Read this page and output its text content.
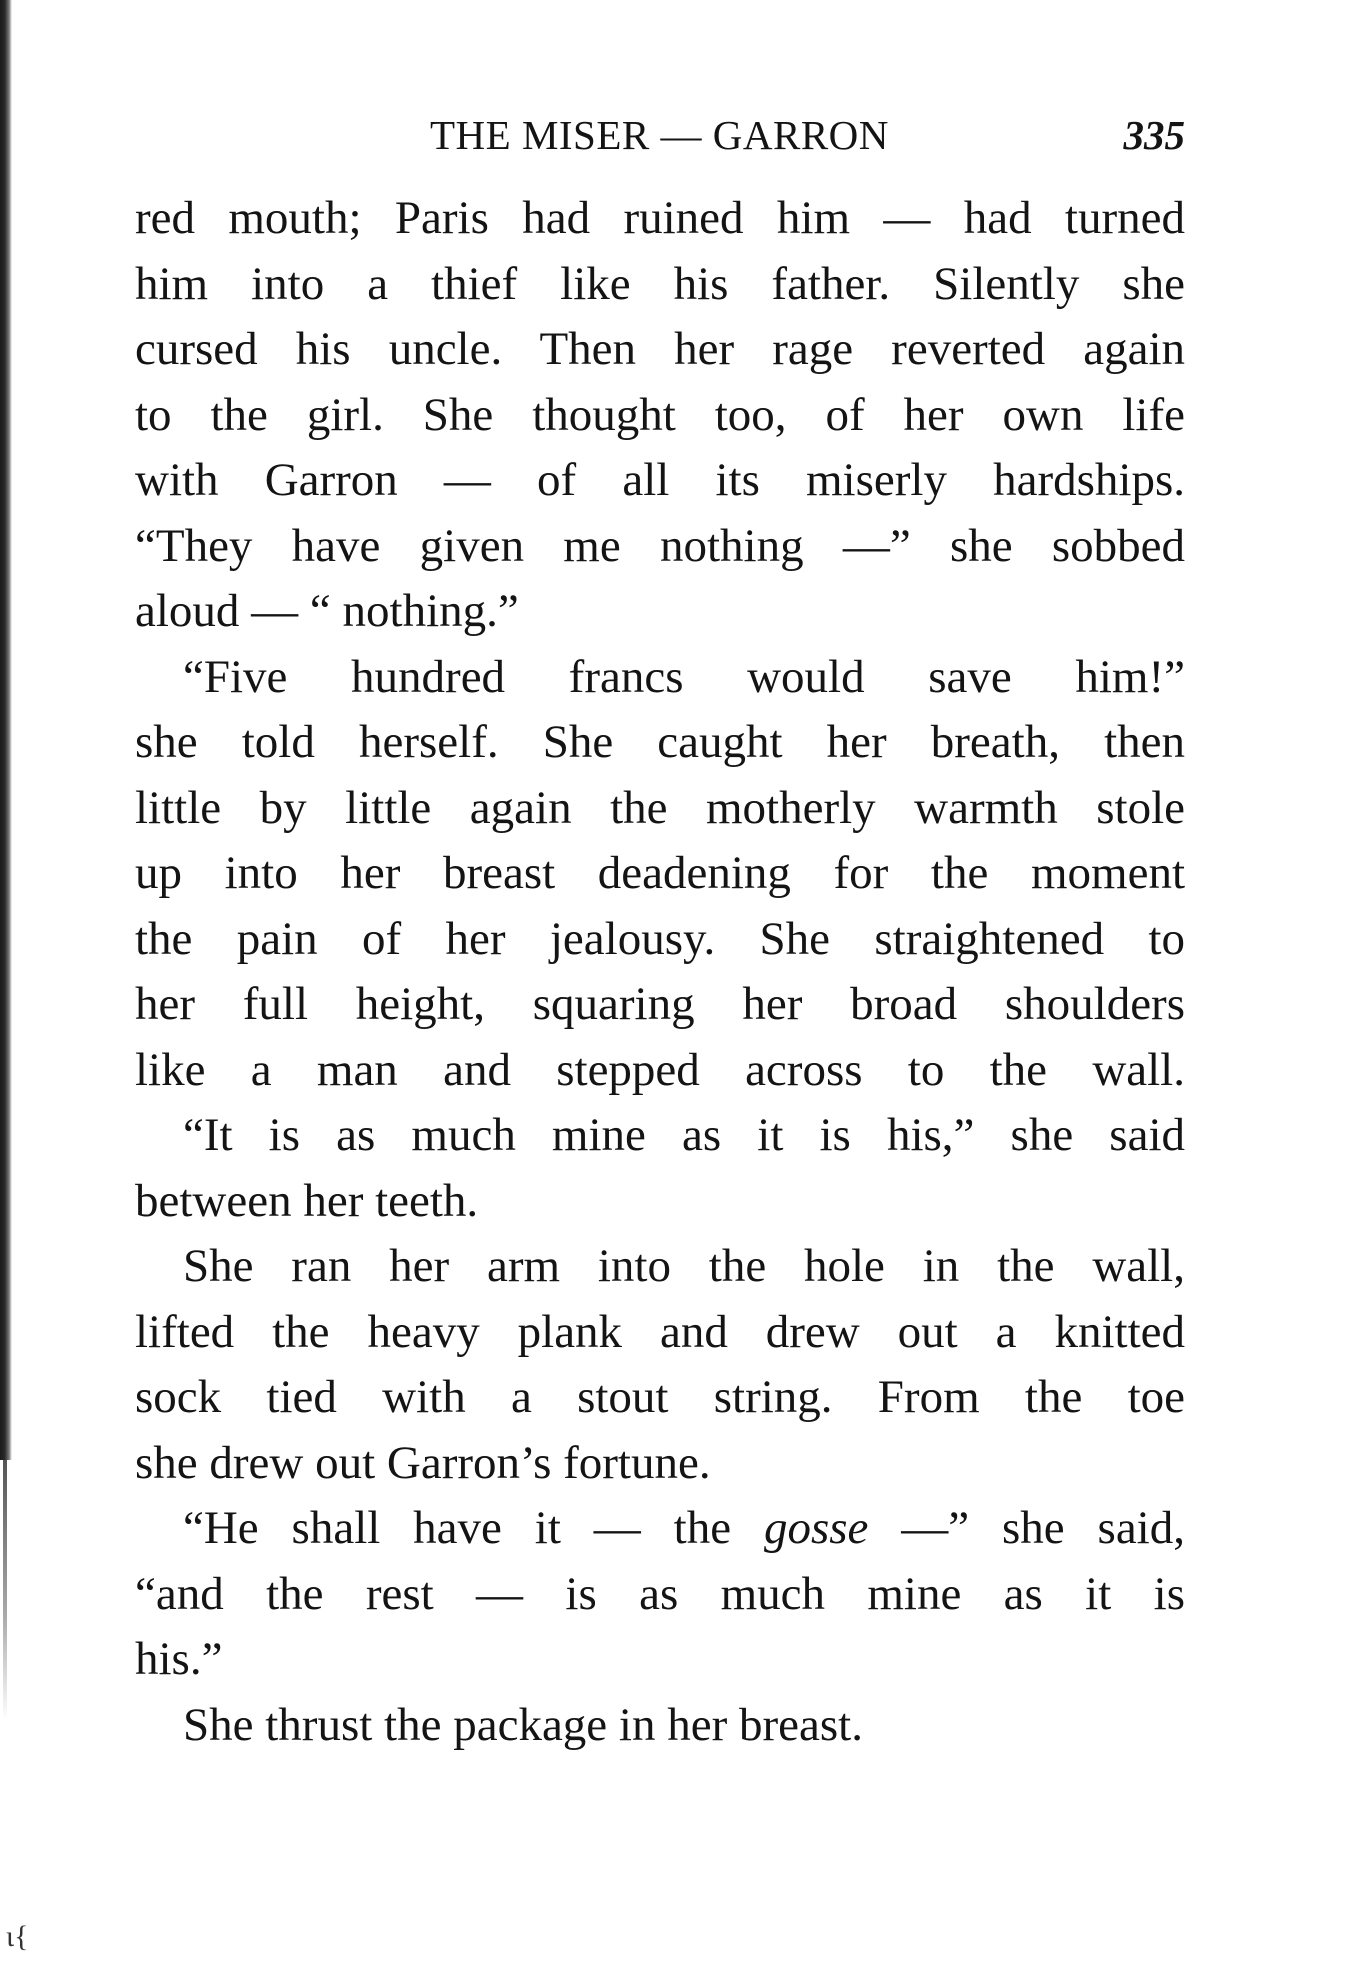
THE MISER — GARRON	335
red mouth; Paris had ruined him — had turned
him into a thief like his father. Silently she
cursed his uncle. Then her rage reverted again
to the girl. She thought too, of her own life
with Garron — of all its miserly hardships.
“They have given me nothing —” she sobbed
aloud — “ nothing.”
“Five hundred francs would save him!”
she told herself. She caught her breath, then
little by little again the motherly warmth stole
up into her breast deadening for the moment
the pain of her jealousy. She straightened to
her full height, squaring her broad shoulders
like a man and stepped across to the wall.
“It is as much mine as it is his,” she said
between her teeth.
She ran her arm into the hole in the wall,
lifted the heavy plank and drew out a knitted
sock tied with a stout string. From the toe
she drew out Garron’s fortune.
“He shall have it — the gosse —” she said,
“and the rest — is as much mine as it is
his.”
She thrust the package in her breast.
ɩ{
